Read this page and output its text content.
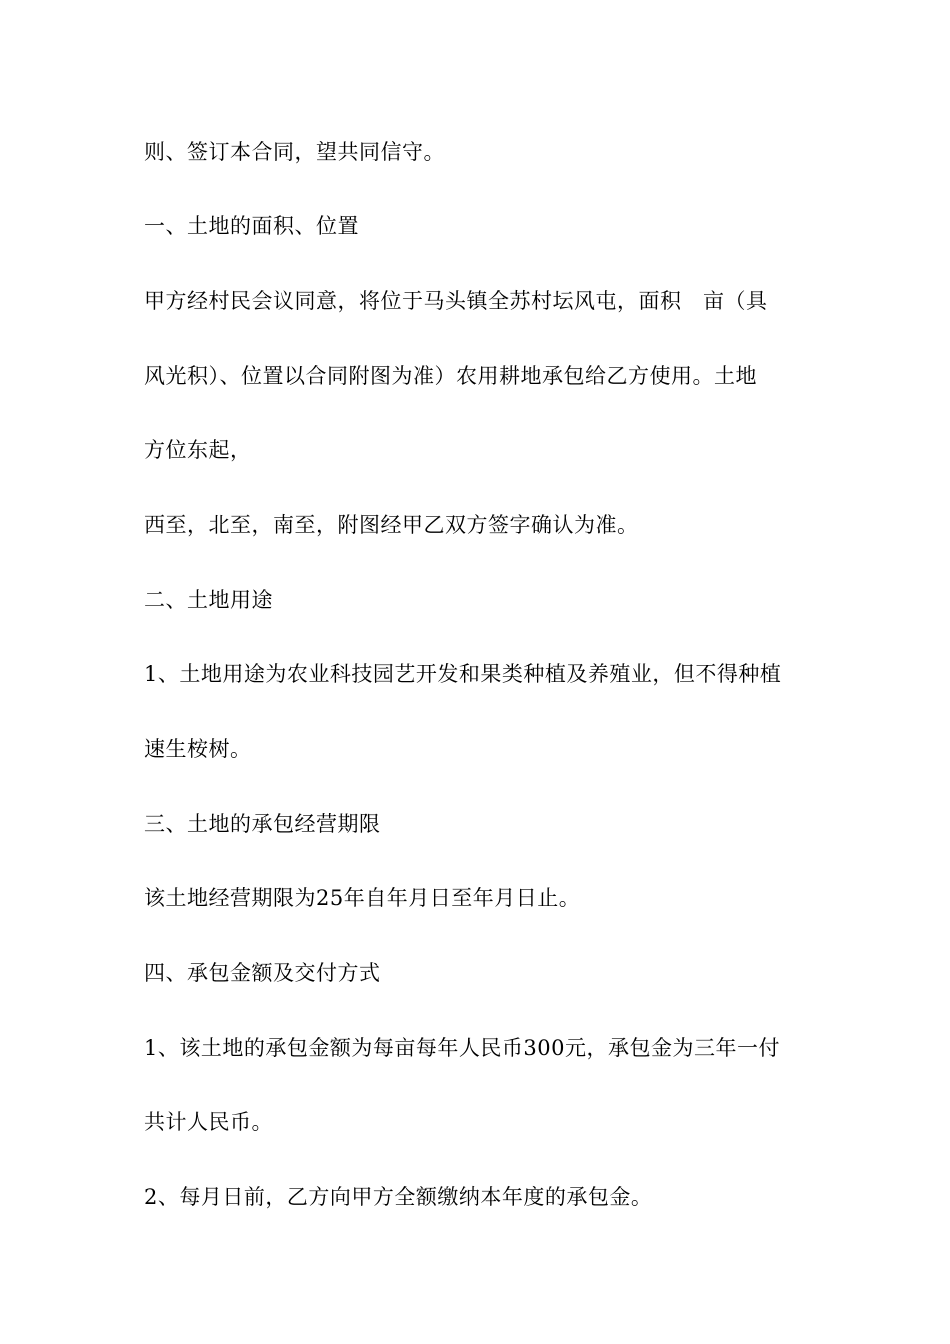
则、签订本合同，望共同信守。
一、土地的面积、位置
甲方经村民会议同意，将位于马头镇全苏村坛风屯，面积　亩（具
风光积）、位置以合同附图为准）农用耕地承包给乙方使用。土地
方位东起，
西至，北至，南至，附图经甲乙双方签字确认为准。
二、土地用途
1、土地用途为农业科技园艺开发和果类种植及养殖业，但不得种植
速生桉树。
三、土地的承包经营期限
该土地经营期限为25年自年月日至年月日止。
四、承包金额及交付方式
1、该土地的承包金额为每亩每年人民币300元，承包金为三年一付
共计人民币。
2、每月日前，乙方向甲方全额缴纳本年度的承包金。
